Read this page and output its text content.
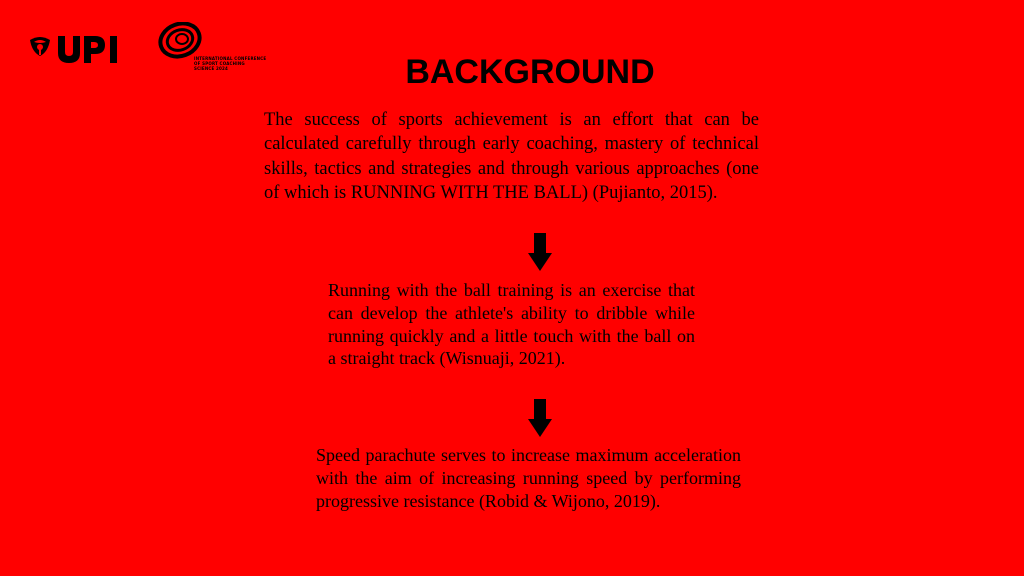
INTERNATIONAL CONFERENCE
OF SPORT COACHING
SCIENCE 2024	BACKGROUND

The success of sports achievement is an effort that can be calculated carefully through early coaching, mastery of technical skills, tactics and strategies and through various approaches (one of which is RUNNING WITH THE BALL) (Pujianto, 2015).

Running with the ball training is an exercise that can develop the athlete's ability to dribble while running quickly and a little touch with the ball on a straight track (Wisnuaji, 2021).

Speed parachute serves to increase maximum acceleration with the aim of increasing running speed by performing progressive resistance (Robid & Wijono, 2019).
